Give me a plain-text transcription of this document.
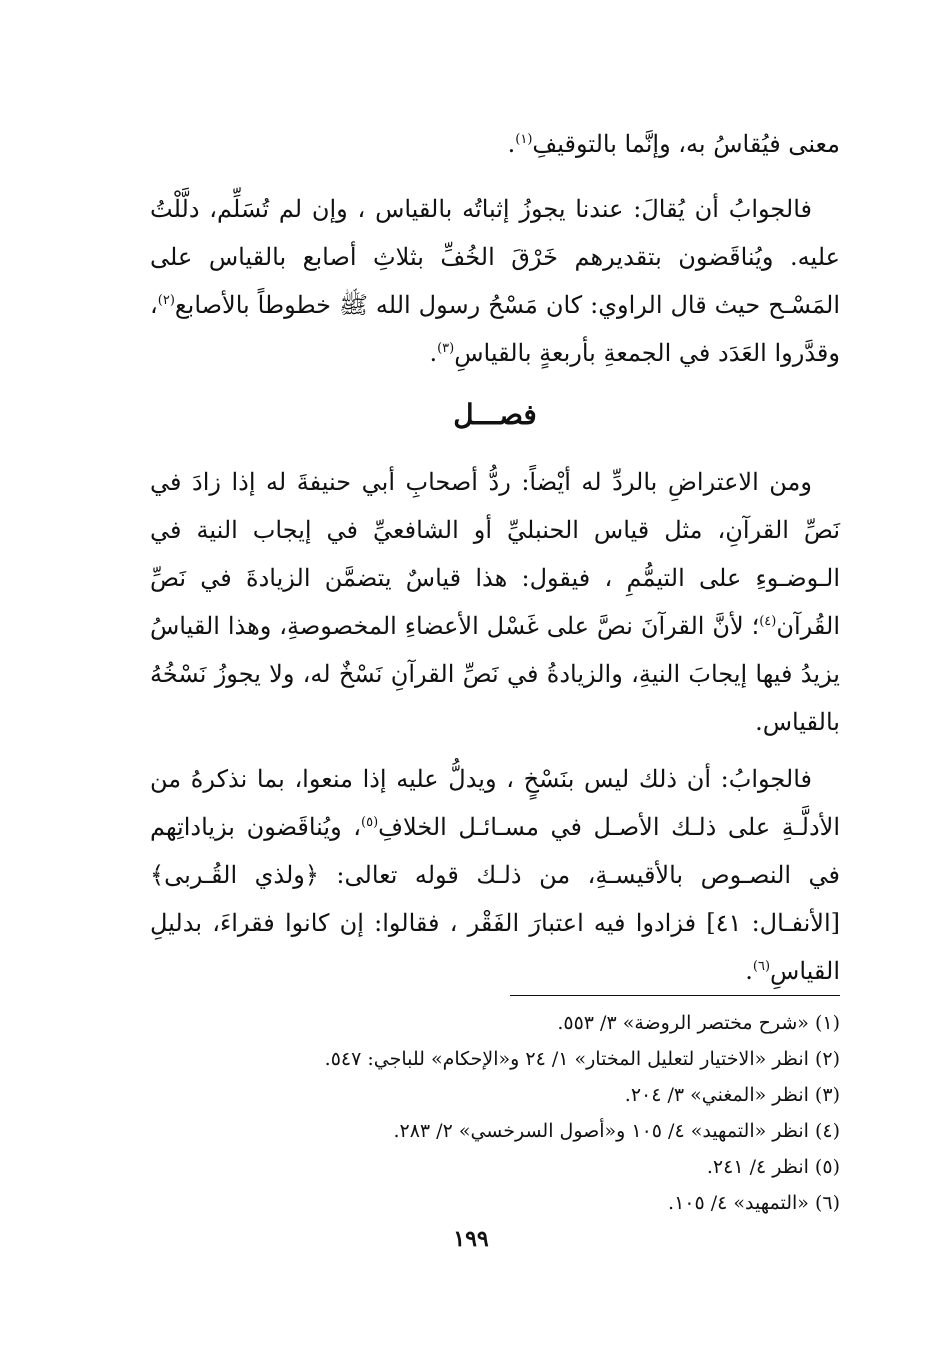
معنى فيُقاسُ به، وإنَّما بالتوقيفِ$^{(١)}$.

فالجوابُ أن يُقالَ: عندنا يجوزُ إثباتُه بالقياس ، وإن لم تُسَلِّم، دلَّلْتُ عليه. ويُناقَضون بتقديرهم خَرْقَ الخُفِّ بثلاثِ أصابع بالقياس على المَسْـح حيث قال الراوي: كان مَسْحُ رسول الله ﷺ خطوطاً بالأصابع$^{(٢)}$، وقدَّروا العَدَد في الجمعةِ بأربعةٍ بالقياسِ$^{(٣)}$.

فصـــل

ومن الاعتراضِ بالردِّ له أيْضاً: ردُّ أصحابِ أبي حنيفةَ له إذا زادَ في نَصِّ القرآنِ، مثل قياس الحنبليِّ أو الشافعيِّ في إيجاب النية في الـوضـوءِ على التيمُّمِ ، فيقول: هذا قياسٌ يتضمَّن الزيادةَ في نَصِّ القُرآن$^{(٤)}$؛ لأنَّ القرآنَ نصَّ على غَسْل الأعضاءِ المخصوصةِ، وهذا القياسُ يزيدُ فيها إيجابَ النيةِ، والزيادةُ في نَصِّ القرآنِ نَسْخٌ له، ولا يجوزُ نَسْخُهُ بالقياس.

فالجوابُ: أن ذلك ليس بنَسْخٍ ، ويدلُّ عليه إذا منعوا، بما نذكرهُ من الأدلَّـةِ على ذلـك الأصـل في مسـائـل الخلافِ$^{(٥)}$، ويُناقَضون بزياداتِهم في النصـوص بالأقيسـةِ، من ذلـك قوله تعالى: ﴿ولذي القُـربى﴾ [الأنفـال: ٤١] فزادوا فيه اعتبارَ الفَقْر ، فقالوا: إن كانوا فقراءَ، بدليلِ القياسِ$^{(٦)}$.

(١) «شرح مختصر الروضة» ٣/ ٥٥٣.

(٢) انظر «الاختيار لتعليل المختار» ١/ ٢٤ و«الإحكام» للباجي: ٥٤٧.

(٣) انظر «المغني» ٣/ ٢٠٤.

(٤) انظر «التمهيد» ٤/ ١٠٥ و«أصول السرخسي» ٢/ ٢٨٣.

(٥) انظر ٤/ ٢٤١.

(٦) «التمهيد» ٤/ ١٠٥.

١٩٩
